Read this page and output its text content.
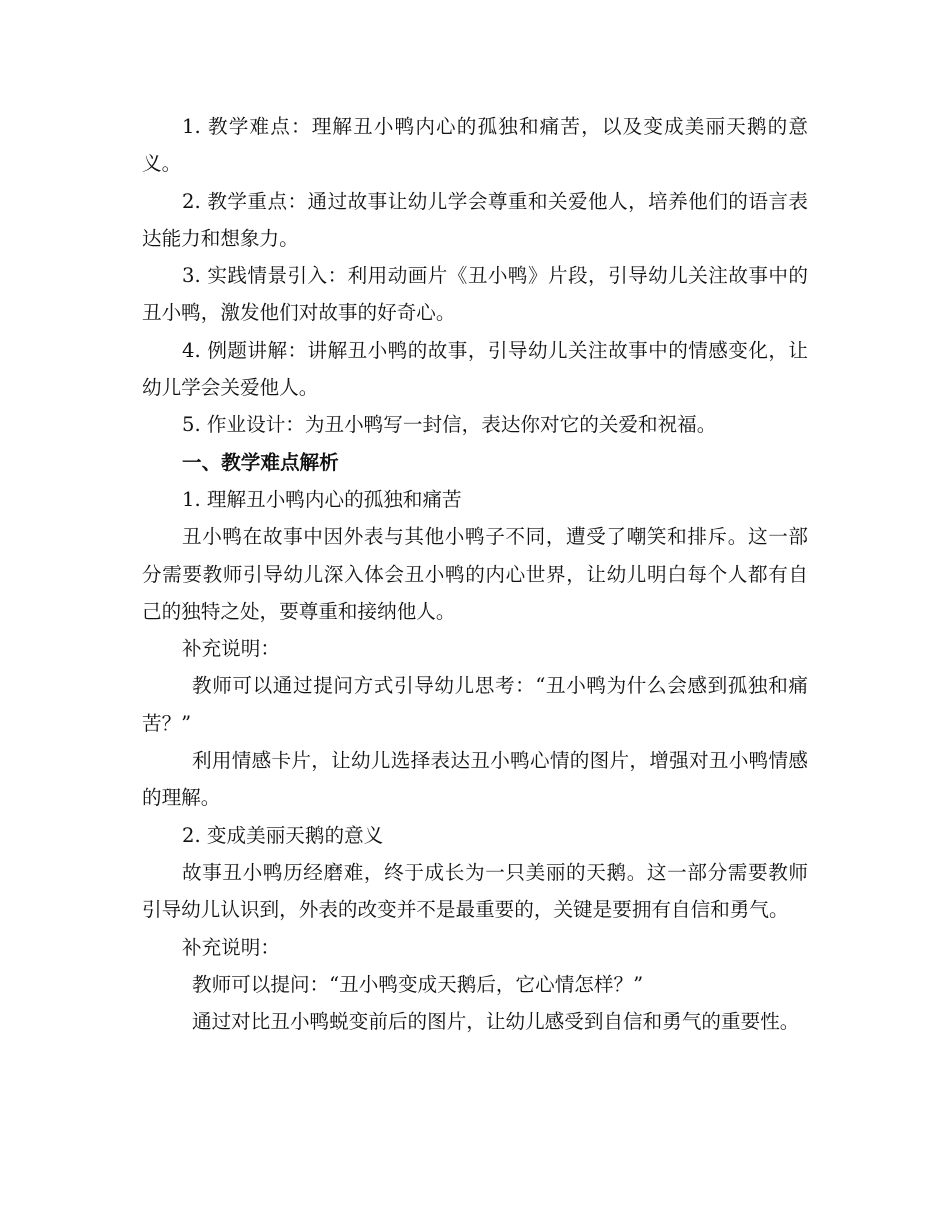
1. 教学难点：理解丑小鸭内心的孤独和痛苦，以及变成美丽天鹅的意义。

2. 教学重点：通过故事让幼儿学会尊重和关爱他人，培养他们的语言表达能力和想象力。

3. 实践情景引入：利用动画片《丑小鸭》片段，引导幼儿关注故事中的丑小鸭，激发他们对故事的好奇心。

4. 例题讲解：讲解丑小鸭的故事，引导幼儿关注故事中的情感变化，让幼儿学会关爱他人。

5. 作业设计：为丑小鸭写一封信，表达你对它的关爱和祝福。

一、教学难点解析

1. 理解丑小鸭内心的孤独和痛苦

丑小鸭在故事中因外表与其他小鸭子不同，遭受了嘲笑和排斥。这一部分需要教师引导幼儿深入体会丑小鸭的内心世界，让幼儿明白每个人都有自己的独特之处，要尊重和接纳他人。

补充说明：

教师可以通过提问方式引导幼儿思考：“丑小鸭为什么会感到孤独和痛苦？”

利用情感卡片，让幼儿选择表达丑小鸭心情的图片，增强对丑小鸭情感的理解。

2. 变成美丽天鹅的意义

故事丑小鸭历经磨难，终于成长为一只美丽的天鹅。这一部分需要教师引导幼儿认识到，外表的改变并不是最重要的，关键是要拥有自信和勇气。

补充说明：

教师可以提问：“丑小鸭变成天鹅后，它心情怎样？”

通过对比丑小鸭蜕变前后的图片，让幼儿感受到自信和勇气的重要性。
